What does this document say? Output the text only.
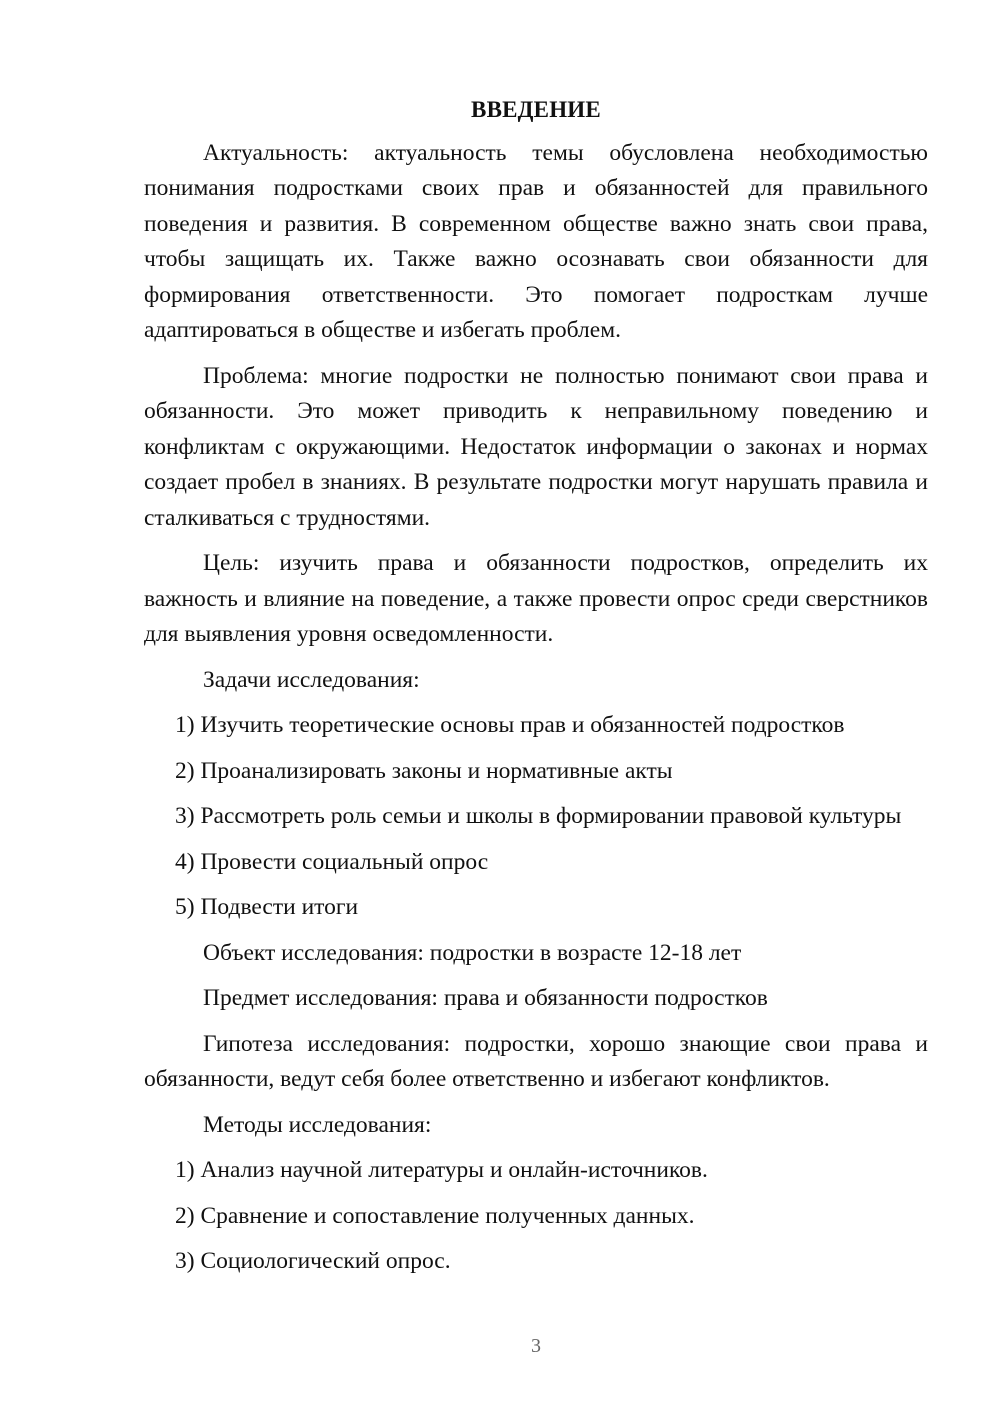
ВВЕДЕНИЕ

Актуальность: актуальность темы обусловлена необходимостью понимания подростками своих прав и обязанностей для правильного поведения и развития. В современном обществе важно знать свои права, чтобы защищать их. Также важно осознавать свои обязанности для формирования ответственности. Это помогает подросткам лучше адаптироваться в обществе и избегать проблем.

Проблема: многие подростки не полностью понимают свои права и обязанности. Это может приводить к неправильному поведению и конфликтам с окружающими. Недостаток информации о законах и нормах создает пробел в знаниях. В результате подростки могут нарушать правила и сталкиваться с трудностями.

Цель: изучить права и обязанности подростков, определить их важность и влияние на поведение, а также провести опрос среди сверстников для выявления уровня осведомленности.

Задачи исследования:

1) Изучить теоретические основы прав и обязанностей подростков

2) Проанализировать законы и нормативные акты

3) Рассмотреть роль семьи и школы в формировании правовой культуры

4) Провести социальный опрос

5) Подвести итоги

Объект исследования: подростки в возрасте 12-18 лет

Предмет исследования: права и обязанности подростков

Гипотеза исследования: подростки, хорошо знающие свои права и обязанности, ведут себя более ответственно и избегают конфликтов.

Методы исследования:

1) Анализ научной литературы и онлайн-источников.

2) Сравнение и сопоставление полученных данных.

3) Социологический опрос.

3
